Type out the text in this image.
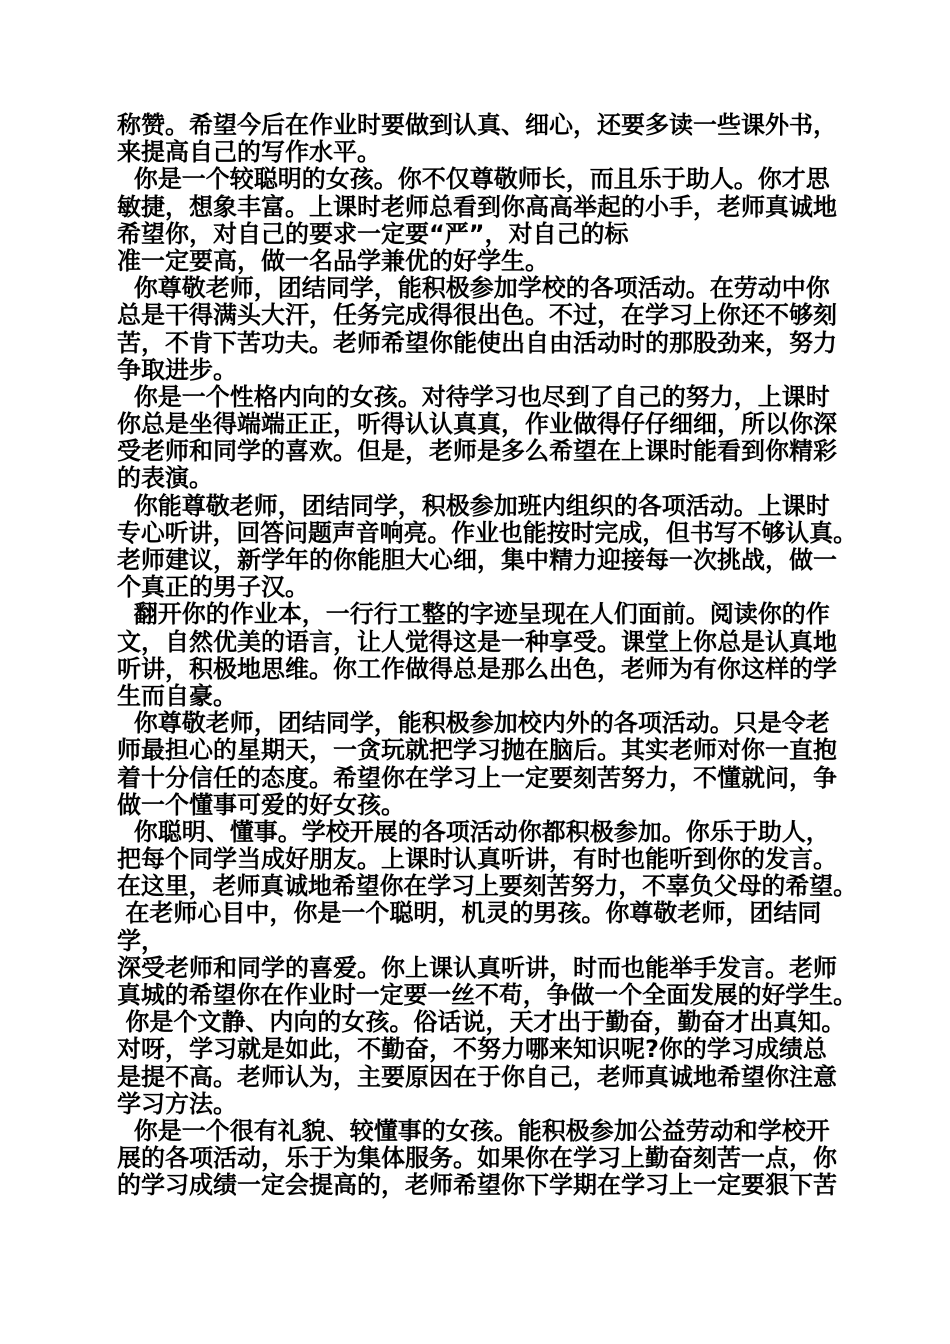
称赞。希望今后在作业时要做到认真、细心，还要多读一些课外书，
来提高自己的写作水平。
你是一个较聪明的女孩。你不仅尊敬师长，而且乐于助人。你才思
敏捷，想象丰富。上课时老师总看到你高高举起的小手，老师真诚地
希望你，对自己的要求一定要“严”，对自己的标
准一定要高，做一名品学兼优的好学生。
你尊敬老师，团结同学，能积极参加学校的各项活动。在劳动中你
总是干得满头大汗，任务完成得很出色。不过，在学习上你还不够刻
苦，不肯下苦功夫。老师希望你能使出自由活动时的那股劲来，努力
争取进步。
你是一个性格内向的女孩。对待学习也尽到了自己的努力，上课时
你总是坐得端端正正，听得认认真真，作业做得仔仔细细，所以你深
受老师和同学的喜欢。但是，老师是多么希望在上课时能看到你精彩
的表演。
你能尊敬老师，团结同学，积极参加班内组织的各项活动。上课时
专心听讲，回答问题声音响亮。作业也能按时完成，但书写不够认真。
老师建议，新学年的你能胆大心细，集中精力迎接每一次挑战，做一
个真正的男子汉。
翻开你的作业本，一行行工整的字迹呈现在人们面前。阅读你的作
文，自然优美的语言，让人觉得这是一种享受。课堂上你总是认真地
听讲，积极地思维。你工作做得总是那么出色，老师为有你这样的学
生而自豪。
你尊敬老师，团结同学，能积极参加校内外的各项活动。只是令老
师最担心的星期天，一贪玩就把学习抛在脑后。其实老师对你一直抱
着十分信任的态度。希望你在学习上一定要刻苦努力，不懂就问，争
做一个懂事可爱的好女孩。
你聪明、懂事。学校开展的各项活动你都积极参加。你乐于助人，
把每个同学当成好朋友。上课时认真听讲，有时也能听到你的发言。
在这里，老师真诚地希望你在学习上要刻苦努力，不辜负父母的希望。
在老师心目中，你是一个聪明，机灵的男孩。你尊敬老师，团结同
学，
深受老师和同学的喜爱。你上课认真听讲，时而也能举手发言。老师
真城的希望你在作业时一定要一丝不苟，争做一个全面发展的好学生。
你是个文静、内向的女孩。俗话说，天才出于勤奋，勤奋才出真知。
对呀，学习就是如此，不勤奋，不努力哪来知识呢?你的学习成绩总
是提不高。老师认为，主要原因在于你自己，老师真诚地希望你注意
学习方法。
你是一个很有礼貌、较懂事的女孩。能积极参加公益劳动和学校开
展的各项活动，乐于为集体服务。如果你在学习上勤奋刻苦一点，你
的学习成绩一定会提高的，老师希望你下学期在学习上一定要狠下苦
